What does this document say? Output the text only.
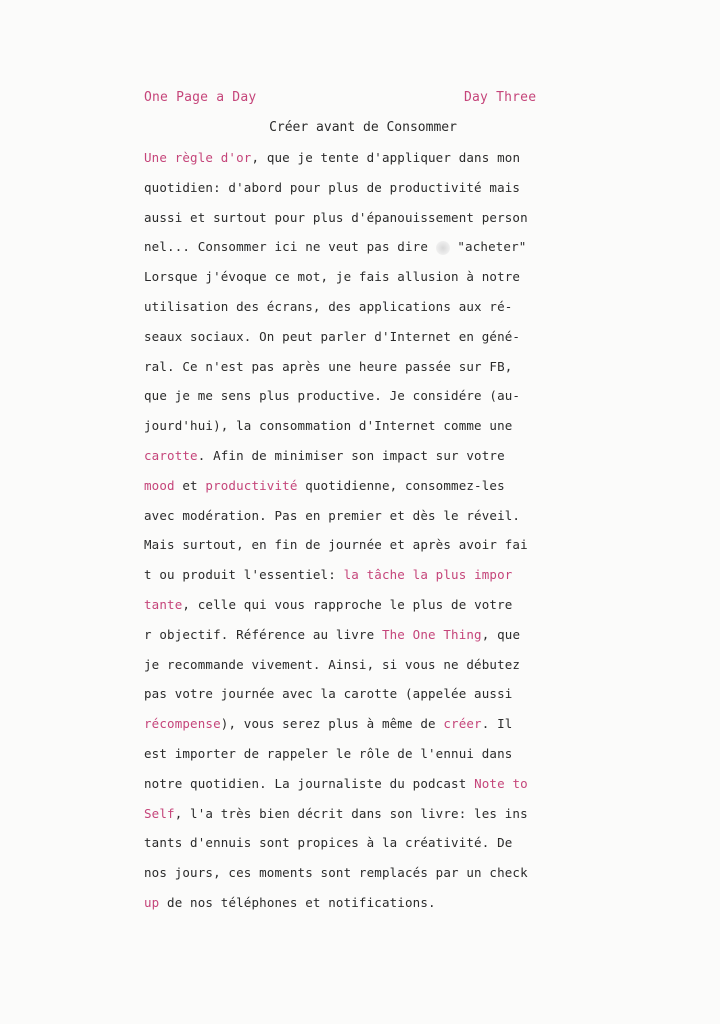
One Page a Day	Day Three
Créer avant de Consommer
Une règle d'or, que je tente d'appliquer dans mon
quotidien: d'abord pour plus de productivité mais
aussi et surtout pour plus d'épanouissement person
nel... Consommer ici ne veut pas dire  "acheter"
Lorsque j'évoque ce mot, je fais allusion à notre
utilisation des écrans, des applications aux ré-
seaux sociaux. On peut parler d'Internet en géné-
ral. Ce n'est pas après une heure passée sur FB,
que je me sens plus productive. Je considére (au-
jourd'hui), la consommation d'Internet comme une
carotte. Afin de minimiser son impact sur votre
mood et productivité quotidienne, consommez-les
avec modération. Pas en premier et dès le réveil.
Mais surtout, en fin de journée et après avoir fai
t ou produit l'essentiel: la tâche la plus impor
tante, celle qui vous rapproche le plus de votre
r objectif. Référence au livre The One Thing, que
je recommande vivement. Ainsi, si vous ne débutez
pas votre journée avec la carotte (appelée aussi
récompense), vous serez plus à même de créer. Il
est importer de rappeler le rôle de l'ennui dans
notre quotidien. La journaliste du podcast Note to
Self, l'a très bien décrit dans son livre: les ins
tants d'ennuis sont propices à la créativité. De
nos jours, ces moments sont remplacés par un check
up de nos téléphones et notifications.
